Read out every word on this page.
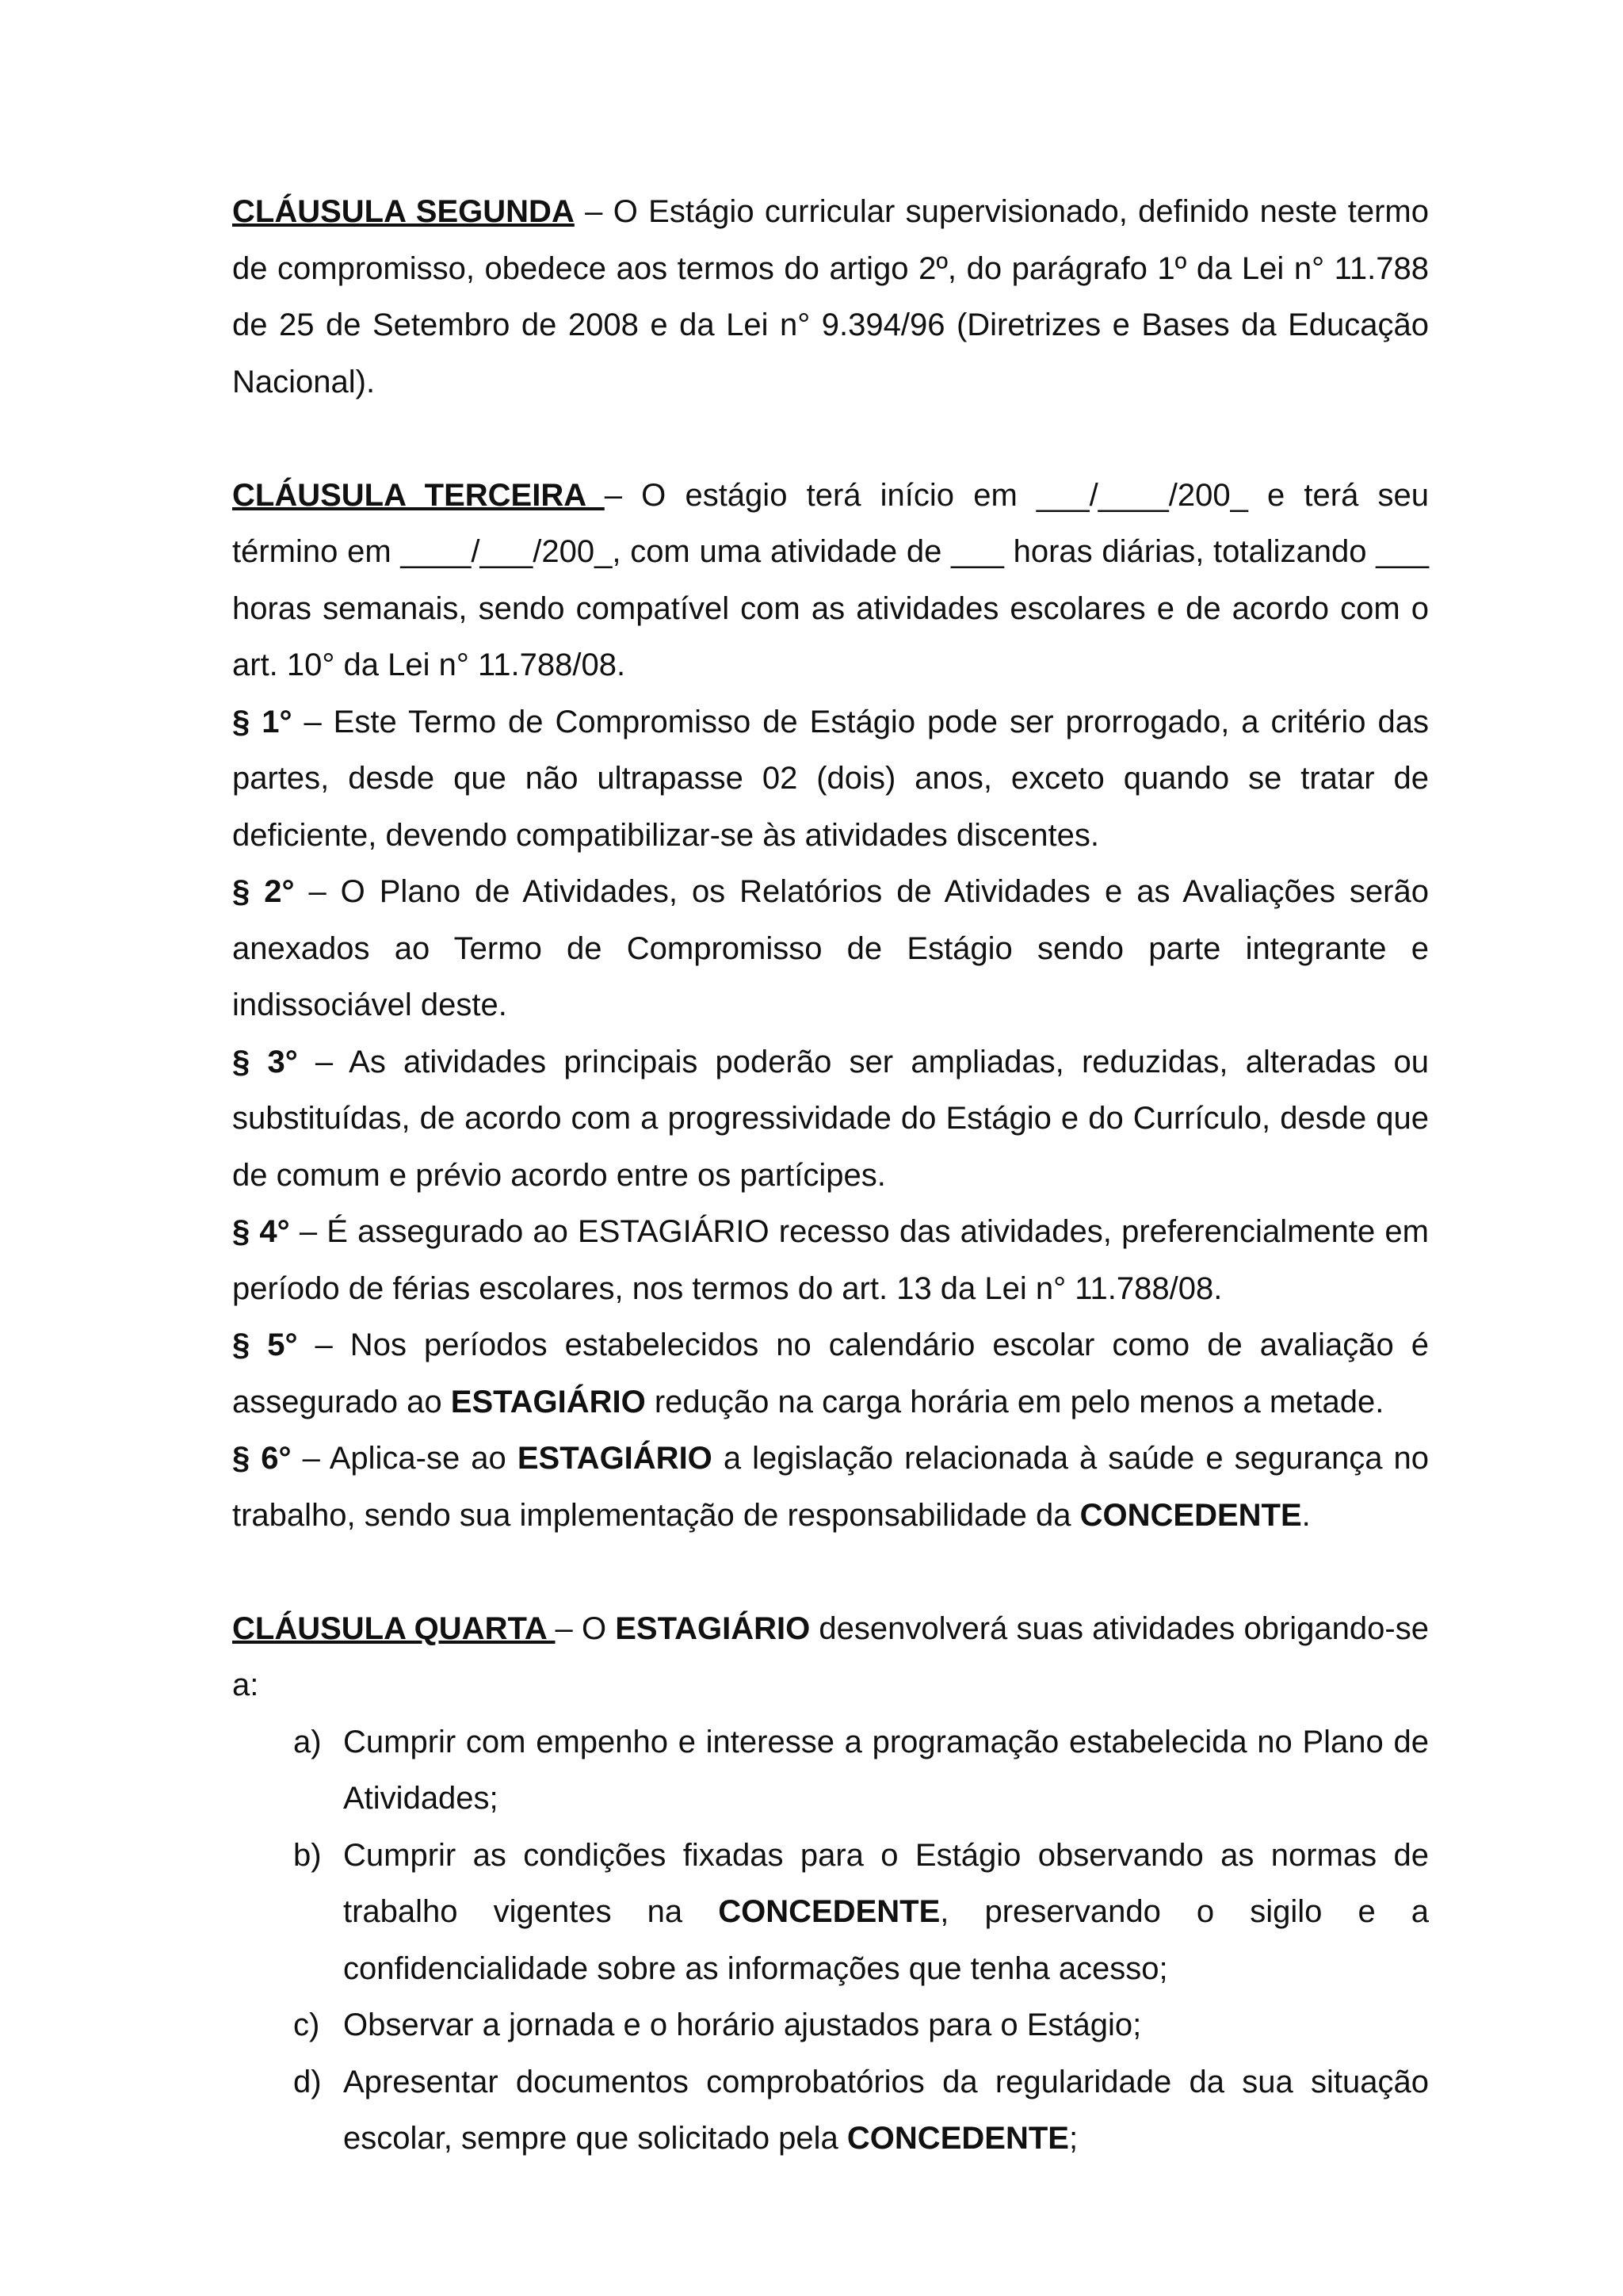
CLÁUSULA SEGUNDA – O Estágio curricular supervisionado, definido neste termo de compromisso, obedece aos termos do artigo 2º, do parágrafo 1º da Lei n° 11.788 de 25 de Setembro de 2008 e da Lei n° 9.394/96 (Diretrizes e Bases da Educação Nacional).

CLÁUSULA TERCEIRA – O estágio terá início em ___/____/200_ e terá seu término em ____/___/200_, com uma atividade de ___ horas diárias, totalizando ___ horas semanais, sendo compatível com as atividades escolares e de acordo com o art. 10° da Lei n° 11.788/08.

§ 1° – Este Termo de Compromisso de Estágio pode ser prorrogado, a critério das partes, desde que não ultrapasse 02 (dois) anos, exceto quando se tratar de deficiente, devendo compatibilizar-se às atividades discentes.

§ 2° – O Plano de Atividades, os Relatórios de Atividades e as Avaliações serão anexados ao Termo de Compromisso de Estágio sendo parte integrante e indissociável deste.

§ 3° – As atividades principais poderão ser ampliadas, reduzidas, alteradas ou substituídas, de acordo com a progressividade do Estágio e do Currículo, desde que de comum e prévio acordo entre os partícipes.

§ 4° – É assegurado ao ESTAGIÁRIO recesso das atividades, preferencialmente em período de férias escolares, nos termos do art. 13 da Lei n° 11.788/08.

§ 5° – Nos períodos estabelecidos no calendário escolar como de avaliação é assegurado ao ESTAGIÁRIO redução na carga horária em pelo menos a metade.

§ 6° – Aplica-se ao ESTAGIÁRIO a legislação relacionada à saúde e segurança no trabalho, sendo sua implementação de responsabilidade da CONCEDENTE.

CLÁUSULA QUARTA – O ESTAGIÁRIO desenvolverá suas atividades obrigando-se a:

a) Cumprir com empenho e interesse a programação estabelecida no Plano de Atividades;
b) Cumprir as condições fixadas para o Estágio observando as normas de trabalho vigentes na CONCEDENTE, preservando o sigilo e a confidencialidade sobre as informações que tenha acesso;
c) Observar a jornada e o horário ajustados para o Estágio;
d) Apresentar documentos comprobatórios da regularidade da sua situação escolar, sempre que solicitado pela CONCEDENTE;
